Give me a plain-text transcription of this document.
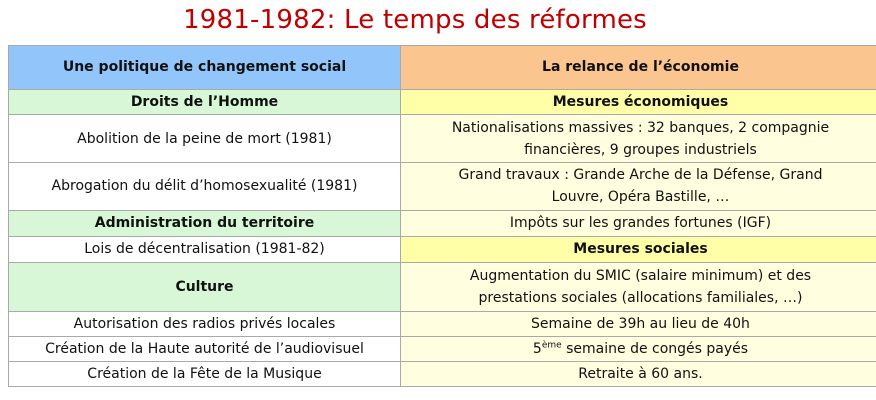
1981-1982: Le temps des réformes
Une politique de changement social	La relance de l’économie
Droits de l’Homme	Mesures économiques
Abolition de la peine de mort (1981)	Nationalisations massives : 32 banques, 2 compagnie
financières, 9 groupes industriels

Abrogation du délit d’homosexualité (1981)	Grand travaux : Grande Arche de la Défense, Grand
Louvre, Opéra Bastille, …

Administration du territoire	Impôts sur les grandes fortunes (IGF)
Lois de décentralisation (1981-82)	Mesures sociales
Culture	Augmentation du SMIC (salaire minimum) et des
prestations sociales (allocations familiales, …)

Autorisation des radios privés locales	Semaine de 39h au lieu de 40h
Création de la Haute autorité de l’audiovisuel	5ème semaine de congés payés
Création de la Fête de la Musique	Retraite à 60 ans.
